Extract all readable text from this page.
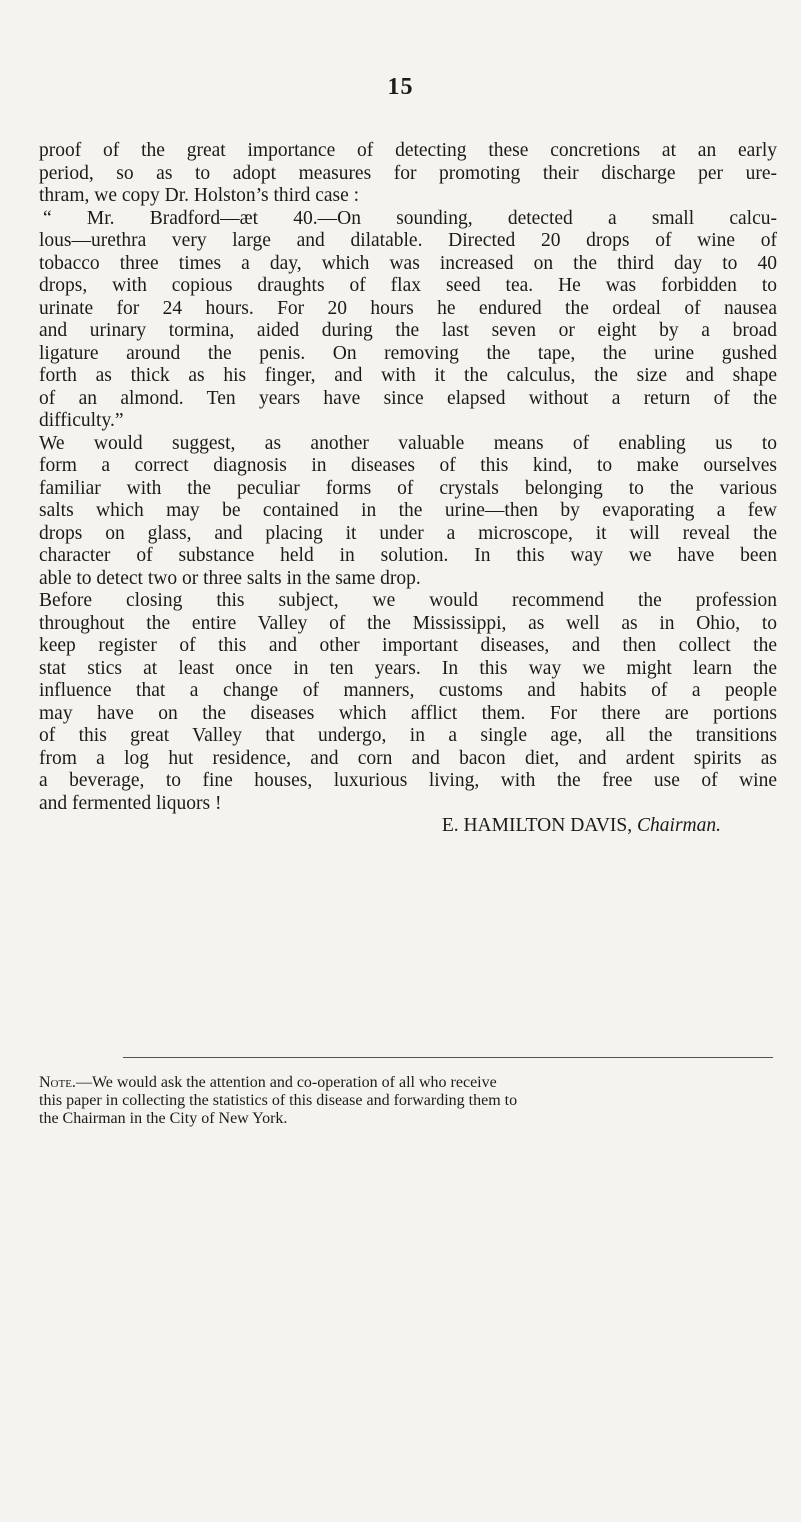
15
proof of the great importance of detecting these concretions at an early
period, so as to adopt measures for promoting their discharge per ure-
thram, we copy Dr. Holston’s third case :
“ Mr. Bradford—æt 40.—On sounding, detected a small calcu-
lous—urethra very large and dilatable. Directed 20 drops of wine of
tobacco three times a day, which was increased on the third day to 40
drops, with copious draughts of flax seed tea. He was forbidden to
urinate for 24 hours. For 20 hours he endured the ordeal of nausea
and urinary tormina, aided during the last seven or eight by a broad
ligature around the penis. On removing the tape, the urine gushed
forth as thick as his finger, and with it the calculus, the size and shape
of an almond. Ten years have since elapsed without a return of the
difficulty.”
We would suggest, as another valuable means of enabling us to
form a correct diagnosis in diseases of this kind, to make ourselves
familiar with the peculiar forms of crystals belonging to the various
salts which may be contained in the urine—then by evaporating a few
drops on glass, and placing it under a microscope, it will reveal the
character of substance held in solution. In this way we have been
able to detect two or three salts in the same drop.
Before closing this subject, we would recommend the profession
throughout the entire Valley of the Mississippi, as well as in Ohio, to
keep register of this and other important diseases, and then collect the
stat stics at least once in ten years. In this way we might learn the
influence that a change of manners, customs and habits of a people
may have on the diseases which afflict them. For there are portions
of this great Valley that undergo, in a single age, all the transitions
from a log hut residence, and corn and bacon diet, and ardent spirits as
a beverage, to fine houses, luxurious living, with the free use of wine
and fermented liquors !
E. HAMILTON DAVIS, Chairman.
Note.—We would ask the attention and co-operation of all who receive
this paper in collecting the statistics of this disease and forwarding them to
the Chairman in the City of New York.
